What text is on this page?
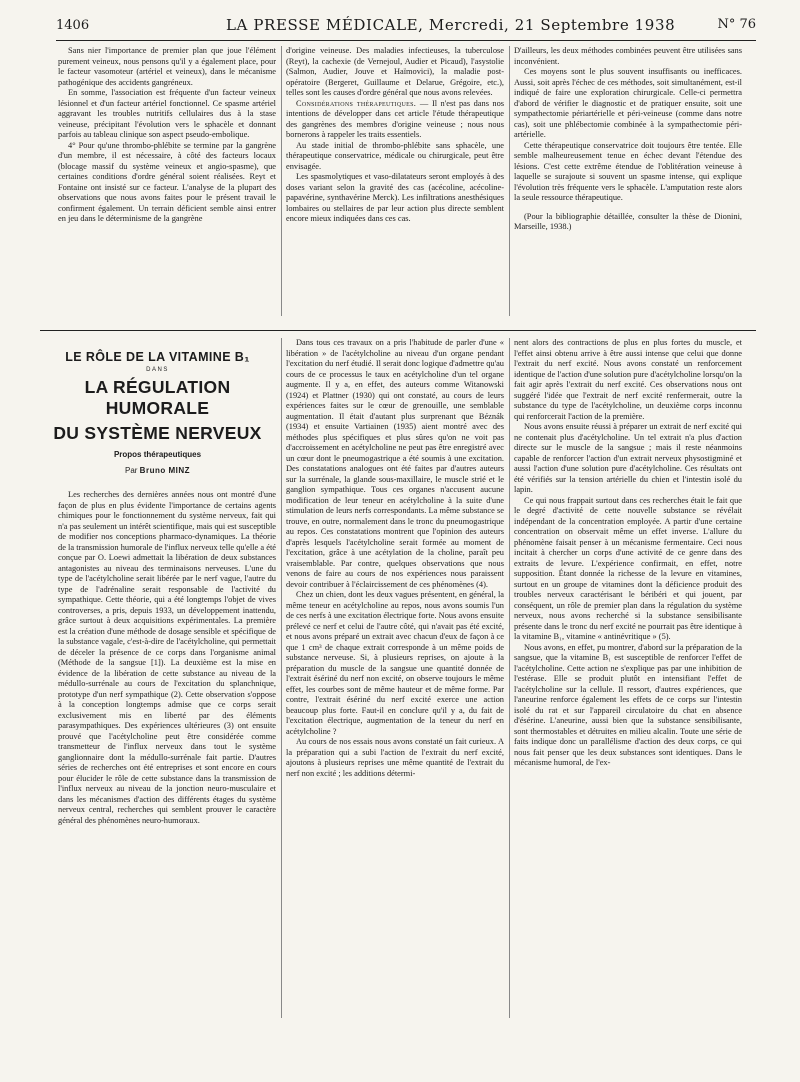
1406	LA PRESSE MÉDICALE, Mercredi, 21 Septembre 1938	N° 76

Sans nier l'importance de premier plan que joue l'élément purement veineux, nous pensons qu'il y a également place, pour le facteur vasomoteur (artériel et veineux), dans le mécanisme pathogénique des accidents gangréneux.

En somme, l'association est fréquente d'un facteur veineux lésionnel et d'un facteur artériel fonctionnel. Ce spasme artériel aggravant les troubles nutritifs cellulaires dus à la stase veineuse, précipitant l'évolution vers le sphacèle et donnant parfois au tableau clinique son aspect pseudo-embolique.

4° Pour qu'une thrombo-phlébite se termine par la gangrène d'un membre, il est nécessaire, à côté des facteurs locaux (blocage massif du système veineux et angio-spasme), que certaines conditions d'ordre général soient réalisées. Reyt et Fontaine ont insisté sur ce facteur. L'analyse de la plupart des observations que nous avons faites pour le présent travail le confirment également. Un terrain déficient semble ainsi entrer en jeu dans le déterminisme de la gangrène

d'origine veineuse. Des maladies infectieuses, la tuberculose (Reyt), la cachexie (de Vernejoul, Audier et Picaud), l'asystolie (Salmon, Audier, Jouve et Haïmovici), la maladie post-opératoire (Bergeret, Guillaume et Delarue, Grégoire, etc.), telles sont les causes d'ordre général que nous avons relevées.

Considérations thérapeutiques. — Il n'est pas dans nos intentions de développer dans cet article l'étude thérapeutique des gangrènes des membres d'origine veineuse ; nous nous bornerons à rappeler les traits essentiels.

Au stade initial de thrombo-phlébite sans sphacèle, une thérapeutique conservatrice, médicale ou chirurgicale, peut être envisagée.

Les spasmolytiques et vaso-dilatateurs seront employés à des doses variant selon la gravité des cas (acécoline, acécoline-papavérine, synthavérine Merck). Les infiltrations anesthésiques lombaires ou stellaires de par leur action plus directe semblent encore mieux indiquées dans ces cas.

D'ailleurs, les deux méthodes combinées peuvent être utilisées sans inconvénient.

Ces moyens sont le plus souvent insuffisants ou inefficaces. Aussi, soit après l'échec de ces méthodes, soit simultanément, est-il indiqué de faire une exploration chirurgicale. Celle-ci permettra d'abord de vérifier le diagnostic et de pratiquer ensuite, soit une sympathectomie périartérielle et péri-veineuse (comme dans notre cas), soit une phlébectomie combinée à la sympathectomie péri-artérielle.

Cette thérapeutique conservatrice doit toujours être tentée. Elle semble malheureusement tenue en échec devant l'étendue des lésions. C'est cette extrême étendue de l'oblitération veineuse à laquelle se surajoute si souvent un spasme intense, qui explique l'évolution très fréquente vers le sphacèle. L'amputation reste alors la seule ressource thérapeutique.

(Pour la bibliographie détaillée, consulter la thèse de Dionini, Marseille, 1938.)

LE RÔLE DE LA VITAMINE B₁
DANS
LA RÉGULATION HUMORALE
DU SYSTÈME NERVEUX
Propos thérapeutiques
Par Bruno MINZ

Les recherches des dernières années nous ont montré d'une façon de plus en plus évidente l'importance de certains agents chimiques pour le fonctionnement du système nerveux, fait qui n'a pas seulement un intérêt scientifique, mais qui est susceptible de modifier nos conceptions pharmaco-dynamiques. La théorie de la transmission humorale de l'influx nerveux telle qu'elle a été conçue par O. Loewi admettait la libération de deux substances antagonistes au niveau des terminaisons nerveuses. L'une du type de l'acétylcholine serait libérée par le nerf vague, l'autre du type de l'adrénaline serait responsable de l'activité du sympathique. Cette théorie, qui a été longtemps l'objet de vives controverses, a pris, depuis 1933, un développement inattendu, grâce surtout à deux acquisitions expérimentales. La première est la création d'une méthode de dosage sensible et spécifique de la substance vagale, c'est-à-dire de l'acétylcholine, qui permettait de déceler la présence de ce corps dans l'organisme animal (Méthode de la sangsue [1]). La deuxième est la mise en évidence de la libération de cette substance au niveau de la médullo-surrénale au cours de l'excitation du splanchnique, prototype d'un nerf sympathique (2). Cette observation s'oppose à la conception longtemps admise que ce corps serait exclusivement mis en liberté par des éléments parasympathiques. Des expériences ultérieures (3) ont ensuite prouvé que l'acétylcholine peut être considérée comme transmetteur de l'influx nerveux dans tout le système ganglionnaire dont la médullo-surrénale fait partie. D'autres séries de recherches ont été entreprises et sont encore en cours pour élucider le rôle de cette substance dans la transmission de l'influx nerveux au niveau de la jonction neuro-musculaire et dans les mécanismes d'action des différents étages du système nerveux central, recherches qui semblent prouver le caractère général des phénomènes neuro-humoraux.

Dans tous ces travaux on a pris l'habitude de parler d'une « libération » de l'acétylcholine au niveau d'un organe pendant l'excitation du nerf étudié. Il serait donc logique d'admettre qu'au cours de ce processus le taux en acétylcholine d'un tel organe augmente. Il y a, en effet, des auteurs comme Witanowski (1924) et Plattner (1930) qui ont constaté, au cours de leurs expériences faites sur le cœur de grenouille, une semblable augmentation. Il était d'autant plus surprenant que Béznák (1934) et ensuite Vartiainen (1935) aient montré avec des méthodes plus spécifiques et plus sûres qu'on ne voit pas d'accroissement en acétylcholine ne peut pas être enregistré avec un cœur dont le pneumogastrique a été soumis à une excitation. Des constatations analogues ont été faites par d'autres auteurs sur la surrénale, la glande sous-maxillaire, le muscle strié et le ganglion sympathique. Tous ces organes n'accusent aucune modification de leur teneur en acétylcholine à la suite d'une stimulation de leurs nerfs correspondants. La même substance se trouve, en outre, normalement dans le tronc du pneumogastrique au repos. Ces constatations montrent que l'opinion des auteurs d'après lesquels l'acétylcholine serait formée au moment de l'excitation, grâce à une acétylation de la choline, paraît peu vraisemblable. Par contre, quelques observations que nous venons de faire au cours de nos expériences nous paraissent devoir contribuer à l'éclaircissement de ces phénomènes (4).

Chez un chien, dont les deux vagues présentent, en général, la même teneur en acétylcholine au repos, nous avons soumis l'un de ces nerfs à une excitation électrique forte. Nous avons ensuite prélevé ce nerf et celui de l'autre côté, qui n'avait pas été excité, et nous avons préparé un extrait avec chacun d'eux de façon à ce que 1 cm³ de chaque extrait corresponde à un même poids de substance nerveuse. Si, à plusieurs reprises, on ajoute à la préparation du muscle de la sangsue une quantité donnée de l'extrait ésériné du nerf non excité, on observe toujours le même effet, les courbes sont de même hauteur et de même forme. Par contre, l'extrait ésériné du nerf excité exerce une action beaucoup plus forte. Faut-il en conclure qu'il y a, du fait de l'excitation électrique, augmentation de la teneur du nerf en acétylcholine ?

Au cours de nos essais nous avons constaté un fait curieux. A la préparation qui a subi l'action de l'extrait du nerf excité, ajoutons à plusieurs reprises une même quantité de l'extrait du nerf non excité ; les additions détermi-

nent alors des contractions de plus en plus fortes du muscle, et l'effet ainsi obtenu arrive à être aussi intense que celui que donne l'extrait du nerf excité. Nous avons constaté un renforcement identique de l'action d'une solution pure d'acétylcholine lorsqu'on la fait agir après l'extrait du nerf excité. Ces observations nous ont suggéré l'idée que l'extrait de nerf excité renfermerait, outre la substance du type de l'acétylcholine, un deuxième corps inconnu qui renforcerait l'action de la première.

Nous avons ensuite réussi à préparer un extrait de nerf excité qui ne contenait plus d'acétylcholine. Un tel extrait n'a plus d'action directe sur le muscle de la sangsue ; mais il reste néanmoins capable de renforcer l'action d'un extrait nerveux physostigminé et aussi l'action d'une solution pure d'acétylcholine. Ces résultats ont été vérifiés sur la tension artérielle du chien et l'intestin isolé du lapin.

Ce qui nous frappait surtout dans ces recherches était le fait que le degré d'activité de cette nouvelle substance se révélait indépendant de la concentration employée. A partir d'une certaine concentration on observait même un effet inverse. L'allure du phénomène faisait penser à un mécanisme fermentaire. Ceci nous incitait à chercher un corps d'une activité de ce genre dans des extraits de levure. L'expérience confirmait, en effet, notre supposition. Étant donnée la richesse de la levure en vitamines, surtout en un groupe de vitamines dont la déficience produit des troubles nerveux caractérisant le béribéri et qui jouent, par conséquent, un rôle de premier plan dans la régulation du système nerveux, nous avons recherché si la substance sensibilisante présente dans le tronc du nerf excité ne pourrait pas être identique à la vitamine B₁, vitamine « antinévritique » (5).

Nous avons, en effet, pu montrer, d'abord sur la préparation de la sangsue, que la vitamine B₁ est susceptible de renforcer l'effet de l'acétylcholine. Cette action ne s'explique pas par une inhibition de l'estérase. Elle se produit plutôt en intensifiant l'effet de l'acétylcholine sur la cellule. Il ressort, d'autres expériences, que l'aneurine renforce également les effets de ce corps sur l'intestin isolé du rat et sur l'appareil circulatoire du chat en absence d'ésérine. L'aneurine, aussi bien que la substance sensibilisante, sont thermostables et détruites en milieu alcalin. Toute une série de faits indique donc un parallélisme d'action des deux corps, ce qui nous fait penser que les deux substances sont identiques. Dans le mécanisme humoral, de l'ex-
